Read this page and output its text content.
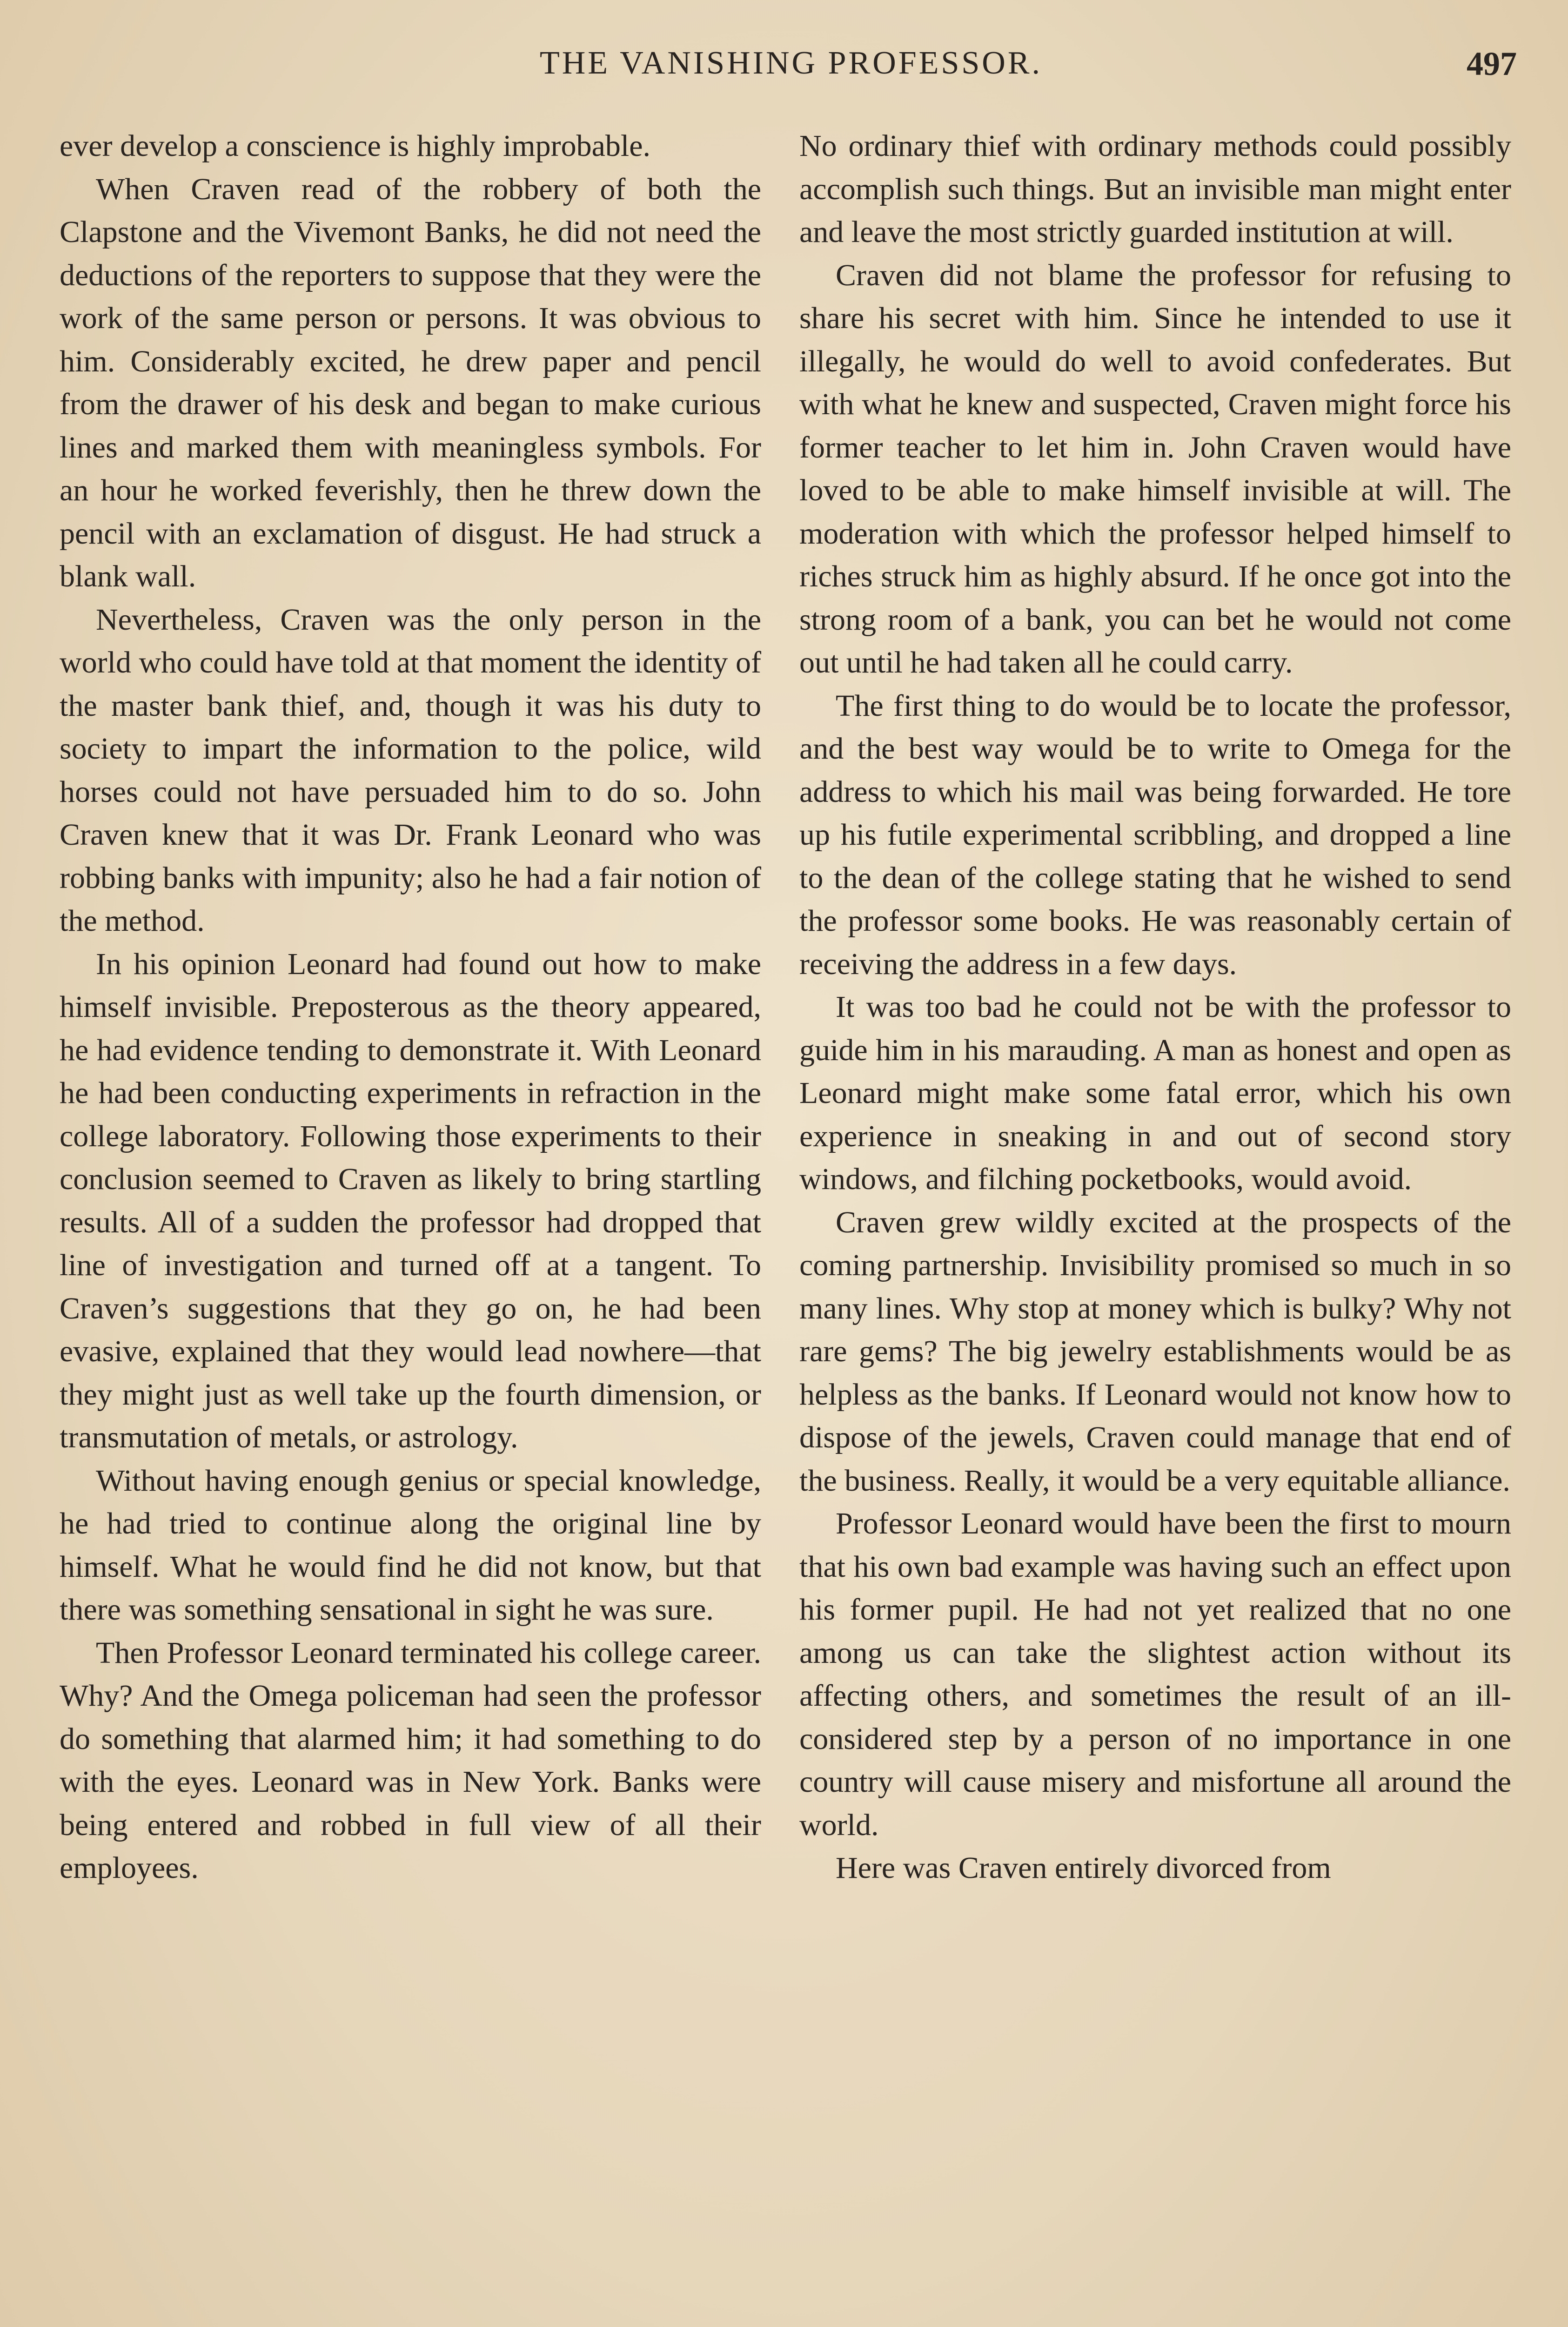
THE VANISHING PROFESSOR.	497

ever develop a conscience is highly improbable.

When Craven read of the robbery of both the Clapstone and the Vivemont Banks, he did not need the deductions of the reporters to suppose that they were the work of the same person or persons. It was obvious to him. Considerably excited, he drew paper and pencil from the drawer of his desk and began to make curious lines and marked them with meaningless symbols. For an hour he worked feverishly, then he threw down the pencil with an exclamation of disgust. He had struck a blank wall.

Nevertheless, Craven was the only person in the world who could have told at that moment the identity of the master bank thief, and, though it was his duty to society to impart the information to the police, wild horses could not have persuaded him to do so. John Craven knew that it was Dr. Frank Leonard who was robbing banks with impunity; also he had a fair notion of the method.

In his opinion Leonard had found out how to make himself invisible. Preposterous as the theory appeared, he had evidence tending to demonstrate it. With Leonard he had been conducting experiments in refraction in the college laboratory. Following those experiments to their conclusion seemed to Craven as likely to bring startling results. All of a sudden the professor had dropped that line of investigation and turned off at a tangent. To Craven’s suggestions that they go on, he had been evasive, explained that they would lead nowhere—that they might just as well take up the fourth dimension, or transmutation of metals, or astrology.

Without having enough genius or special knowledge, he had tried to continue along the original line by himself. What he would find he did not know, but that there was something sensational in sight he was sure.

Then Professor Leonard terminated his college career. Why? And the Omega policeman had seen the professor do something that alarmed him; it had something to do with the eyes. Leonard was in New York. Banks were being entered and robbed in full view of all their employees.

No ordinary thief with ordinary methods could possibly accomplish such things. But an invisible man might enter and leave the most strictly guarded institution at will.

Craven did not blame the professor for refusing to share his secret with him. Since he intended to use it illegally, he would do well to avoid confederates. But with what he knew and suspected, Craven might force his former teacher to let him in. John Craven would have loved to be able to make himself invisible at will. The moderation with which the professor helped himself to riches struck him as highly absurd. If he once got into the strong room of a bank, you can bet he would not come out until he had taken all he could carry.

The first thing to do would be to locate the professor, and the best way would be to write to Omega for the address to which his mail was being forwarded. He tore up his futile experimental scribbling, and dropped a line to the dean of the college stating that he wished to send the professor some books. He was reasonably certain of receiving the address in a few days.

It was too bad he could not be with the professor to guide him in his marauding. A man as honest and open as Leonard might make some fatal error, which his own experience in sneaking in and out of second story windows, and filching pocketbooks, would avoid.

Craven grew wildly excited at the prospects of the coming partnership. Invisibility promised so much in so many lines. Why stop at money which is bulky? Why not rare gems? The big jewelry establishments would be as helpless as the banks. If Leonard would not know how to dispose of the jewels, Craven could manage that end of the business. Really, it would be a very equitable alliance.

Professor Leonard would have been the first to mourn that his own bad example was having such an effect upon his former pupil. He had not yet realized that no one among us can take the slightest action without its affecting others, and sometimes the result of an ill-considered step by a person of no importance in one country will cause misery and misfortune all around the world.

Here was Craven entirely divorced from
